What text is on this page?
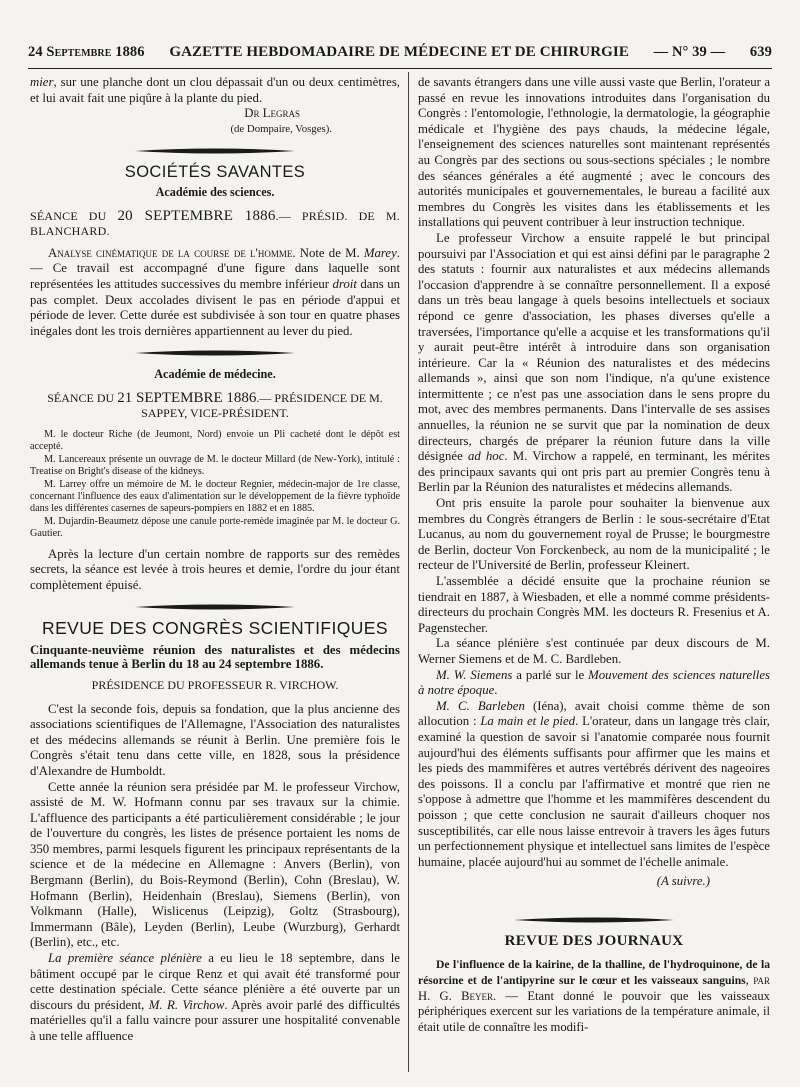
24 Septembre 1886 GAZETTE HEBDOMADAIRE DE MÉDECINE ET DE CHIRURGIE — N° 39 — 639

mier, sur une planche dont un clou dépassait d'un ou deux centimètres, et lui avait fait une piqûre à la plante du pied.

Dr Legras

(de Dompaire, Vosges).

SOCIÉTÉS SAVANTES
Académie des sciences.

SÉANCE DU 20 SEPTEMBRE 1886.— PRÉSID. DE M. BLANCHARD.

Analyse cinématique de la course de l'homme. Note de M. Marey. — Ce travail est accompagné d'une figure dans laquelle sont représentées les attitudes successives du membre inférieur droit dans un pas complet. Deux accolades divisent le pas en période d'appui et période de lever. Cette durée est subdivisée à son tour en quatre phases inégales dont les trois dernières appartiennent au lever du pied.

Académie de médecine.

SÉANCE DU 21 SEPTEMBRE 1886.— PRÉSIDENCE DE M. SAPPEY, VICE-PRÉSIDENT.

M. le docteur Riche (de Jeumont, Nord) envoie un Pli cacheté dont le dépôt est accepté.

M. Lancereaux présente un ouvrage de M. le docteur Millard (de New-York), intitulé : Treatise on Bright's disease of the kidneys.

M. Larrey offre un mémoire de M. le docteur Regnier, médecin-major de 1re classe, concernant l'influence des eaux d'alimentation sur le développement de la fièvre typhoïde dans les différentes casernes de sapeurs-pompiers en 1882 et en 1885.

M. Dujardin-Beaumetz dépose une canule porte-remède imaginée par M. le docteur G. Gautier.

Après la lecture d'un certain nombre de rapports sur des remèdes secrets, la séance est levée à trois heures et demie, l'ordre du jour étant complètement épuisé.

REVUE DES CONGRÈS SCIENTIFIQUES

Cinquante-neuvième réunion des naturalistes et des médecins allemands tenue à Berlin du 18 au 24 septembre 1886.

PRÉSIDENCE DU PROFESSEUR R. VIRCHOW.

C'est la seconde fois, depuis sa fondation, que la plus ancienne des associations scientifiques de l'Allemagne, l'Association des naturalistes et des médecins allemands se réunit à Berlin. Une première fois le Congrès s'était tenu dans cette ville, en 1828, sous la présidence d'Alexandre de Humboldt.

Cette année la réunion sera présidée par M. le professeur Virchow, assisté de M. W. Hofmann connu par ses travaux sur la chimie. L'affluence des participants a été particulièrement considérable ; le jour de l'ouverture du congrès, les listes de présence portaient les noms de 350 membres, parmi lesquels figurent les principaux représentants de la science et de la médecine en Allemagne : Anvers (Berlin), von Bergmann (Berlin), du Bois-Reymond (Berlin), Cohn (Breslau), W. Hofmann (Berlin), Heidenhain (Breslau), Siemens (Berlin), von Volkmann (Halle), Wislicenus (Leipzig), Goltz (Strasbourg), Immermann (Bâle), Leyden (Berlin), Leube (Wurzburg), Gerhardt (Berlin), etc., etc.

La première séance plénière a eu lieu le 18 septembre, dans le bâtiment occupé par le cirque Renz et qui avait été transformé pour cette destination spéciale. Cette séance plénière a été ouverte par un discours du président, M. R. Virchow. Après avoir parlé des difficultés matérielles qu'il a fallu vaincre pour assurer une hospitalité convenable à une telle affluence

de savants étrangers dans une ville aussi vaste que Berlin, l'orateur a passé en revue les innovations introduites dans l'organisation du Congrès : l'entomologie, l'ethnologie, la dermatologie, la géographie médicale et l'hygiène des pays chauds, la médecine légale, l'enseignement des sciences naturelles sont maintenant représentés au Congrès par des sections ou sous-sections spéciales ; le nombre des séances générales a été augmenté ; avec le concours des autorités municipales et gouvernementales, le bureau a facilité aux membres du Congrès les visites dans les établissements et les installations qui peuvent contribuer à leur instruction technique.

Le professeur Virchow a ensuite rappelé le but principal poursuivi par l'Association et qui est ainsi défini par le paragraphe 2 des statuts : fournir aux naturalistes et aux médecins allemands l'occasion d'apprendre à se connaître personnellement. Il a exposé dans un très beau langage à quels besoins intellectuels et sociaux répond ce genre d'association, les phases diverses qu'elle a traversées, l'importance qu'elle a acquise et les transformations qu'il y aurait peut-être intérêt à introduire dans son organisation intérieure. Car la « Réunion des naturalistes et des médecins allemands », ainsi que son nom l'indique, n'a qu'une existence intermittente ; ce n'est pas une association dans le sens propre du mot, avec des membres permanents. Dans l'intervalle de ses assises annuelles, la réunion ne se survit que par la nomination de deux directeurs, chargés de préparer la réunion future dans la ville désignée ad hoc. M. Virchow a rappelé, en terminant, les mérites des principaux savants qui ont pris part au premier Congrès tenu à Berlin par la Réunion des naturalistes et médecins allemands.

Ont pris ensuite la parole pour souhaiter la bienvenue aux membres du Congrès étrangers de Berlin : le sous-secrétaire d'Etat Lucanus, au nom du gouvernement royal de Prusse; le bourgmestre de Berlin, docteur Von Forckenbeck, au nom de la municipalité ; le recteur de l'Université de Berlin, professeur Kleinert.

L'assemblée a décidé ensuite que la prochaine réunion se tiendrait en 1887, à Wiesbaden, et elle a nommé comme présidents-directeurs du prochain Congrès MM. les docteurs R. Fresenius et A. Pagenstecher.

La séance plénière s'est continuée par deux discours de M. Werner Siemens et de M. C. Bardleben.

M. W. Siemens a parlé sur le Mouvement des sciences naturelles à notre époque.

M. C. Barleben (Iéna), avait choisi comme thème de son allocution : La main et le pied. L'orateur, dans un langage très clair, examiné la question de savoir si l'anatomie comparée nous fournit aujourd'hui des éléments suffisants pour affirmer que les mains et les pieds des mammifères et autres vertébrés dérivent des nageoires des poissons. Il a conclu par l'affirmative et montré que rien ne s'oppose à admettre que l'homme et les mammifères descendent du poisson ; que cette conclusion ne saurait d'ailleurs choquer nos susceptibilités, car elle nous laisse entrevoir à travers les âges futurs un perfectionnement physique et intellectuel sans limites de l'espèce humaine, placée aujourd'hui au sommet de l'échelle animale.

(A suivre.)

REVUE DES JOURNAUX

De l'influence de la kairine, de la thalline, de l'hydroquinone, de la résorcine et de l'antipyrine sur le cœur et les vaisseaux sanguins, par H. G. Beyer. — Etant donné le pouvoir que les vaisseaux périphériques exercent sur les variations de la température animale, il était utile de connaître les modifi-
